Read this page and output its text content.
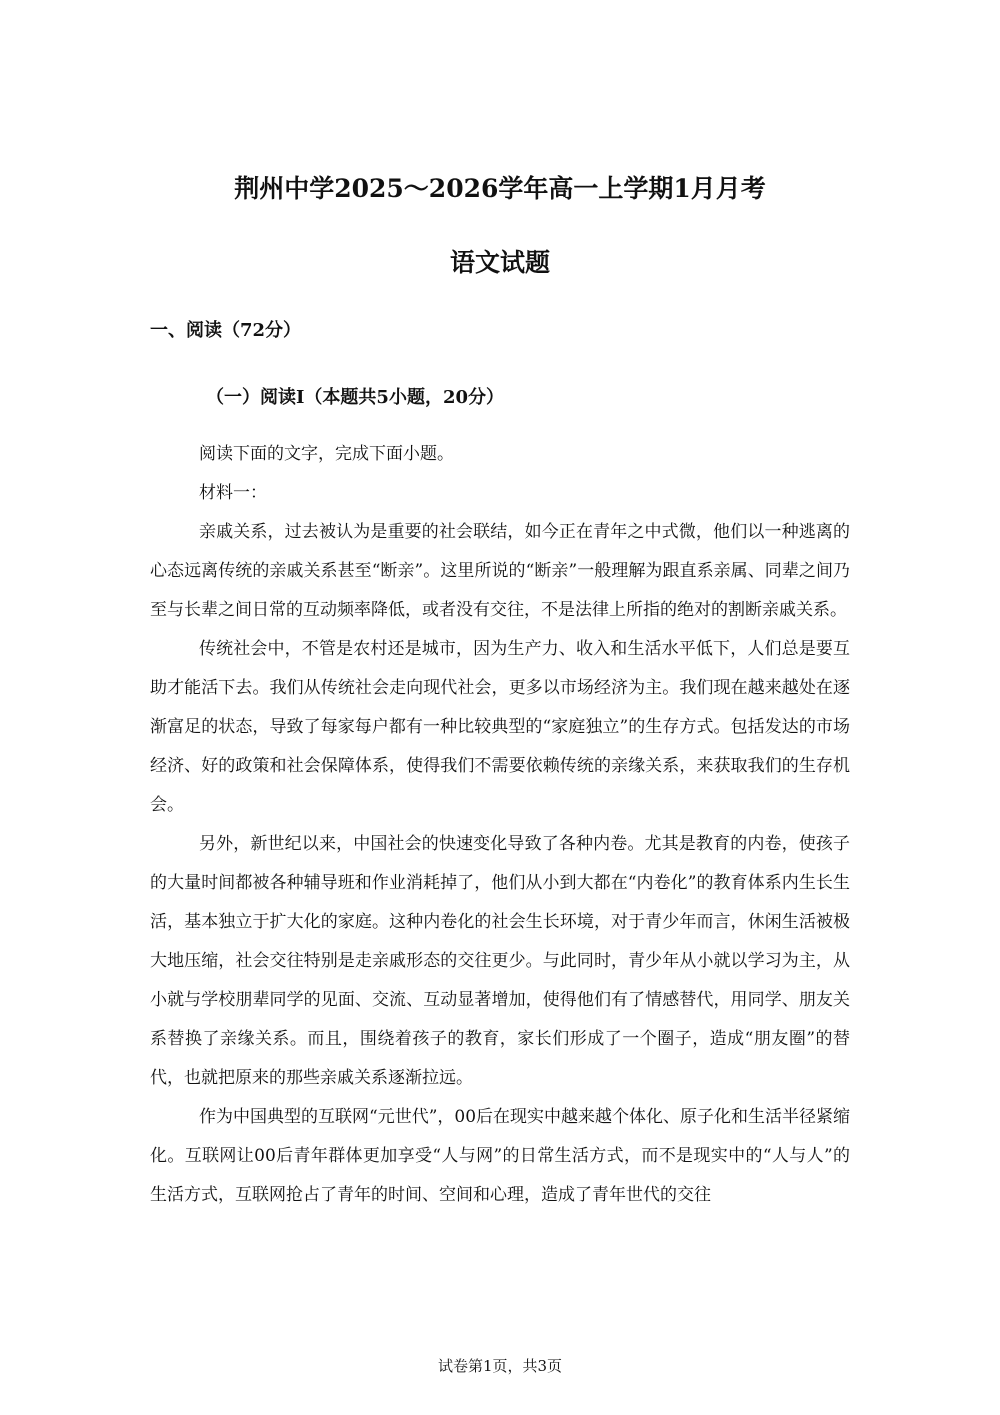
荆州中学2025～2026学年高一上学期1月月考
语文试题
一、阅读（72分）
（一）阅读I（本题共5小题，20分）

阅读下面的文字，完成下面小题。

材料一：

亲戚关系，过去被认为是重要的社会联结，如今正在青年之中式微，他们以一种逃离的心态远离传统的亲戚关系甚至“断亲”。这里所说的“断亲”一般理解为跟直系亲属、同辈之间乃至与长辈之间日常的互动频率降低，或者没有交往，不是法律上所指的绝对的割断亲戚关系。

传统社会中，不管是农村还是城市，因为生产力、收入和生活水平低下，人们总是要互助才能活下去。我们从传统社会走向现代社会，更多以市场经济为主。我们现在越来越处在逐渐富足的状态，导致了每家每户都有一种比较典型的“家庭独立”的生存方式。包括发达的市场经济、好的政策和社会保障体系，使得我们不需要依赖传统的亲缘关系，来获取我们的生存机会。

另外，新世纪以来，中国社会的快速变化导致了各种内卷。尤其是教育的内卷，使孩子的大量时间都被各种辅导班和作业消耗掉了，他们从小到大都在“内卷化”的教育体系内生长生活，基本独立于扩大化的家庭。这种内卷化的社会生长环境，对于青少年而言，休闲生活被极大地压缩，社会交往特别是走亲戚形态的交往更少。与此同时，青少年从小就以学习为主，从小就与学校朋辈同学的见面、交流、互动显著增加，使得他们有了情感替代，用同学、朋友关系替换了亲缘关系。而且，围绕着孩子的教育，家长们形成了一个圈子，造成“朋友圈”的替代，也就把原来的那些亲戚关系逐渐拉远。

作为中国典型的互联网“元世代”，00后在现实中越来越个体化、原子化和生活半径紧缩化。互联网让00后青年群体更加享受“人与网”的日常生活方式，而不是现实中的“人与人”的生活方式，互联网抢占了青年的时间、空间和心理，造成了青年世代的交往

试卷第1页，共3页
